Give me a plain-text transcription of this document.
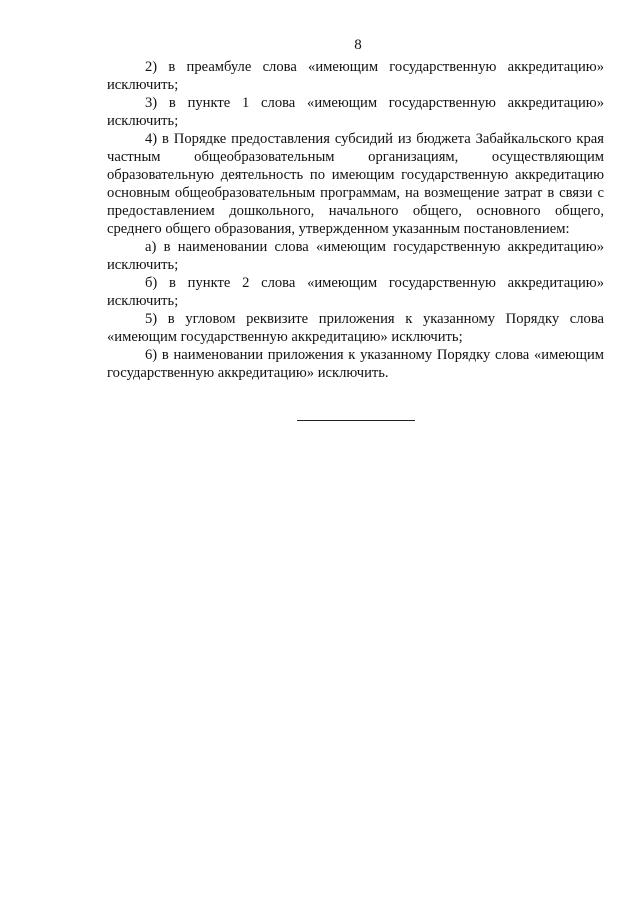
8

2) в преамбуле слова «имеющим государственную аккредитацию» исключить;

3) в пункте 1 слова «имеющим государственную аккредитацию» исключить;

4) в Порядке предоставления субсидий из бюджета Забайкальского края частным общеобразовательным организациям, осуществляющим образовательную деятельность по имеющим государственную аккредитацию основным общеобразовательным программам, на возмещение затрат в связи с предоставлением дошкольного, начального общего, основного общего, среднего общего образования, утвержденном указанным постановлением:

а) в наименовании слова «имеющим государственную аккредитацию» исключить;

б) в пункте 2 слова «имеющим государственную аккредитацию» исключить;

5) в угловом реквизите приложения к указанному Порядку слова «имеющим государственную аккредитацию» исключить;

6) в наименовании приложения к указанному Порядку слова «имеющим государственную аккредитацию» исключить.
